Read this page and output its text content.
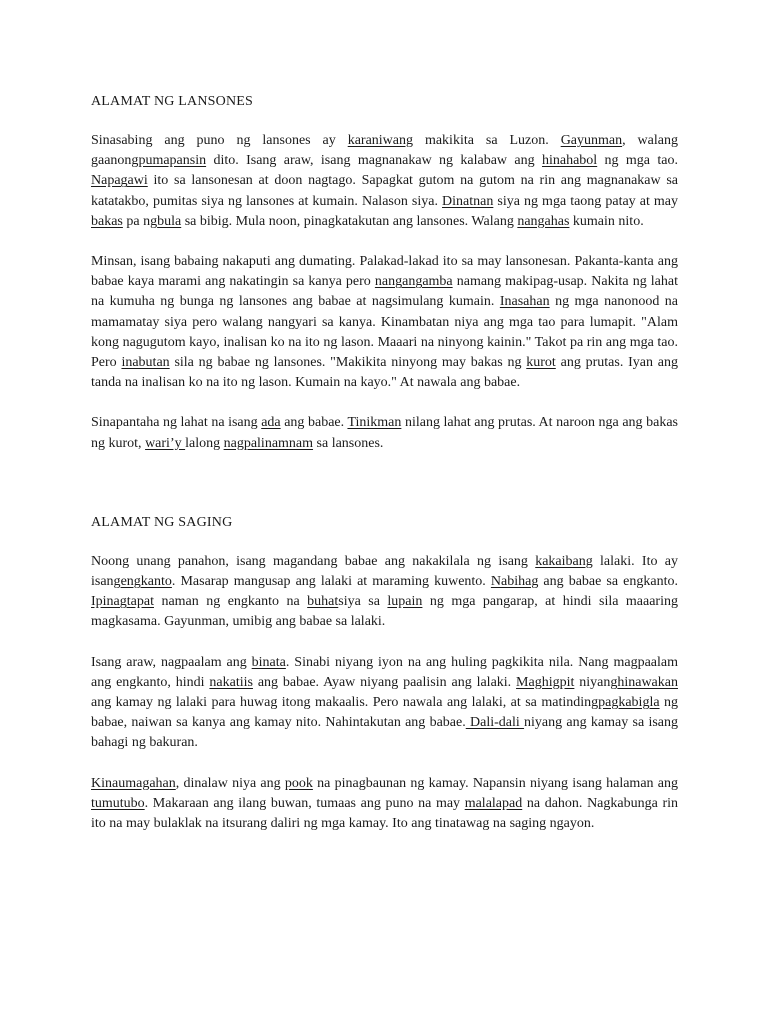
ALAMAT NG LANSONES

Sinasabing ang puno ng lansones ay karaniwang makikita sa Luzon. Gayunman, walang gaanongpumapansin dito. Isang araw, isang magnanakaw ng kalabaw ang hinahabol ng mga tao. Napagawi ito sa lansonesan at doon nagtago. Sapagkat gutom na gutom na rin ang magnanakaw sa katatakbo, pumitas siya ng lansones at kumain. Nalason siya. Dinatnan siya ng mga taong patay at may bakas pa ngbula sa bibig. Mula noon, pinagkatakutan ang lansones. Walang nangahas kumain nito.

Minsan, isang babaing nakaputi ang dumating. Palakad-lakad ito sa may lansonesan. Pakanta-kanta ang babae kaya marami ang nakatingin sa kanya pero nangangamba namang makipag-usap. Nakita ng lahat na kumuha ng bunga ng lansones ang babae at nagsimulang kumain. Inasahan ng mga nanonood na mamamatay siya pero walang nangyari sa kanya. Kinambatan niya ang mga tao para lumapit. "Alam kong nagugutom kayo, inalisan ko na ito ng lason. Maaari na ninyong kainin." Takot pa rin ang mga tao. Pero inabutan sila ng babae ng lansones. "Makikita ninyong may bakas ng kurot ang prutas. Iyan ang tanda na inalisan ko na ito ng lason. Kumain na kayo." At nawala ang babae.

Sinapantaha ng lahat na isang ada ang babae. Tinikman nilang lahat ang prutas. At naroon nga ang bakas ng kurot, wari’y lalong nagpalinamnam sa lansones.

ALAMAT NG SAGING

Noong unang panahon, isang magandang babae ang nakakilala ng isang kakaibang lalaki. Ito ay isangengkanto. Masarap mangusap ang lalaki at maraming kuwento. Nabihag ang babae sa engkanto. Ipinagtapat naman ng engkanto na buhatsiya sa lupain ng mga pangarap, at hindi sila maaaring magkasama. Gayunman, umibig ang babae sa lalaki.

Isang araw, nagpaalam ang binata. Sinabi niyang iyon na ang huling pagkikita nila. Nang magpaalam ang engkanto, hindi nakatiis ang babae. Ayaw niyang paalisin ang lalaki. Maghigpit niyanghinawakan ang kamay ng lalaki para huwag itong makaalis. Pero nawala ang lalaki, at sa matindingpagkabigla ng babae, naiwan sa kanya ang kamay nito. Nahintakutan ang babae. Dali-dali niyang ang kamay sa isang bahagi ng bakuran.

Kinaumagahan, dinalaw niya ang pook na pinagbaunan ng kamay. Napansin niyang isang halaman ang tumutubo. Makaraan ang ilang buwan, tumaas ang puno na may malalapad na dahon. Nagkabunga rin ito na may bulaklak na itsurang daliri ng mga kamay. Ito ang tinatawag na saging ngayon.
